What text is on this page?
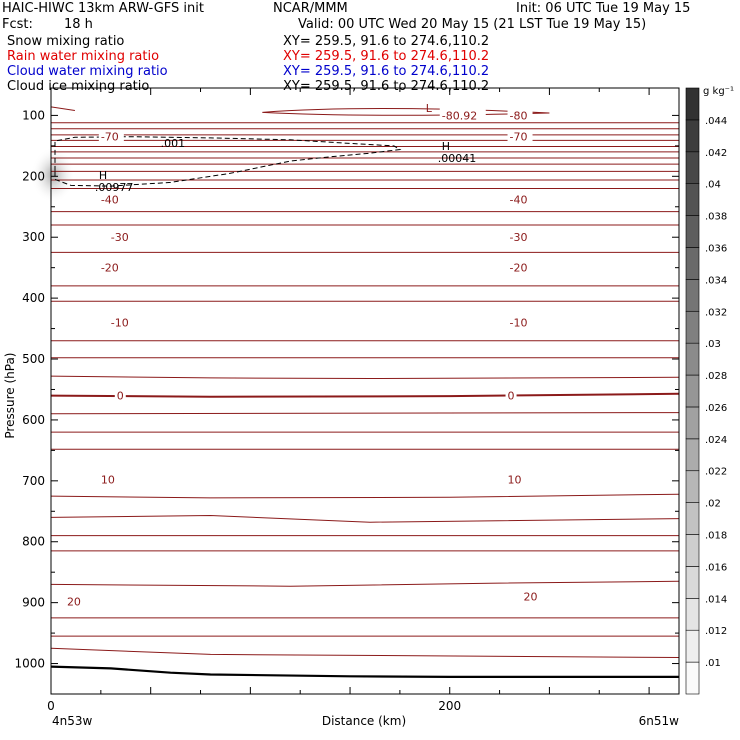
HAIC-HIWC 13km ARW-GFS init	NCAR/MMM	Init: 06 UTC Tue 19 May 15
Fcst: 18 h	Valid: 00 UTC Wed 20 May 15 (21 LST Tue 19 May 15)
Snow mixing ratio	XY= 259.5, 91.6 to 274.6,110.2
Rain water mixing ratio	XY= 259.5, 91.6 to 274.6,110.2
Cloud water mixing ratio	XY= 259.5, 91.6 to 274.6,110.2
Cloud ice mixing ratio	XY= 259.5, 91.6 to 274.6,110.2
.001
-70	-70
-80
-80.92
-40	-40
-30	-30
-20	-20
-10	-10
0	0
10	10
20	20
L
H
.00041
H
.00977
100
200
300
400
500
600
700
800
900
1000
0	200
Pressure (hPa)
Distance (km)
4n53w	6n51w
.01
.012
.014
.016
.018
.02
.022
.024
.026
.028
.03
.032
.034
.036
.038
.04
.042
.044
g kg⁻¹
